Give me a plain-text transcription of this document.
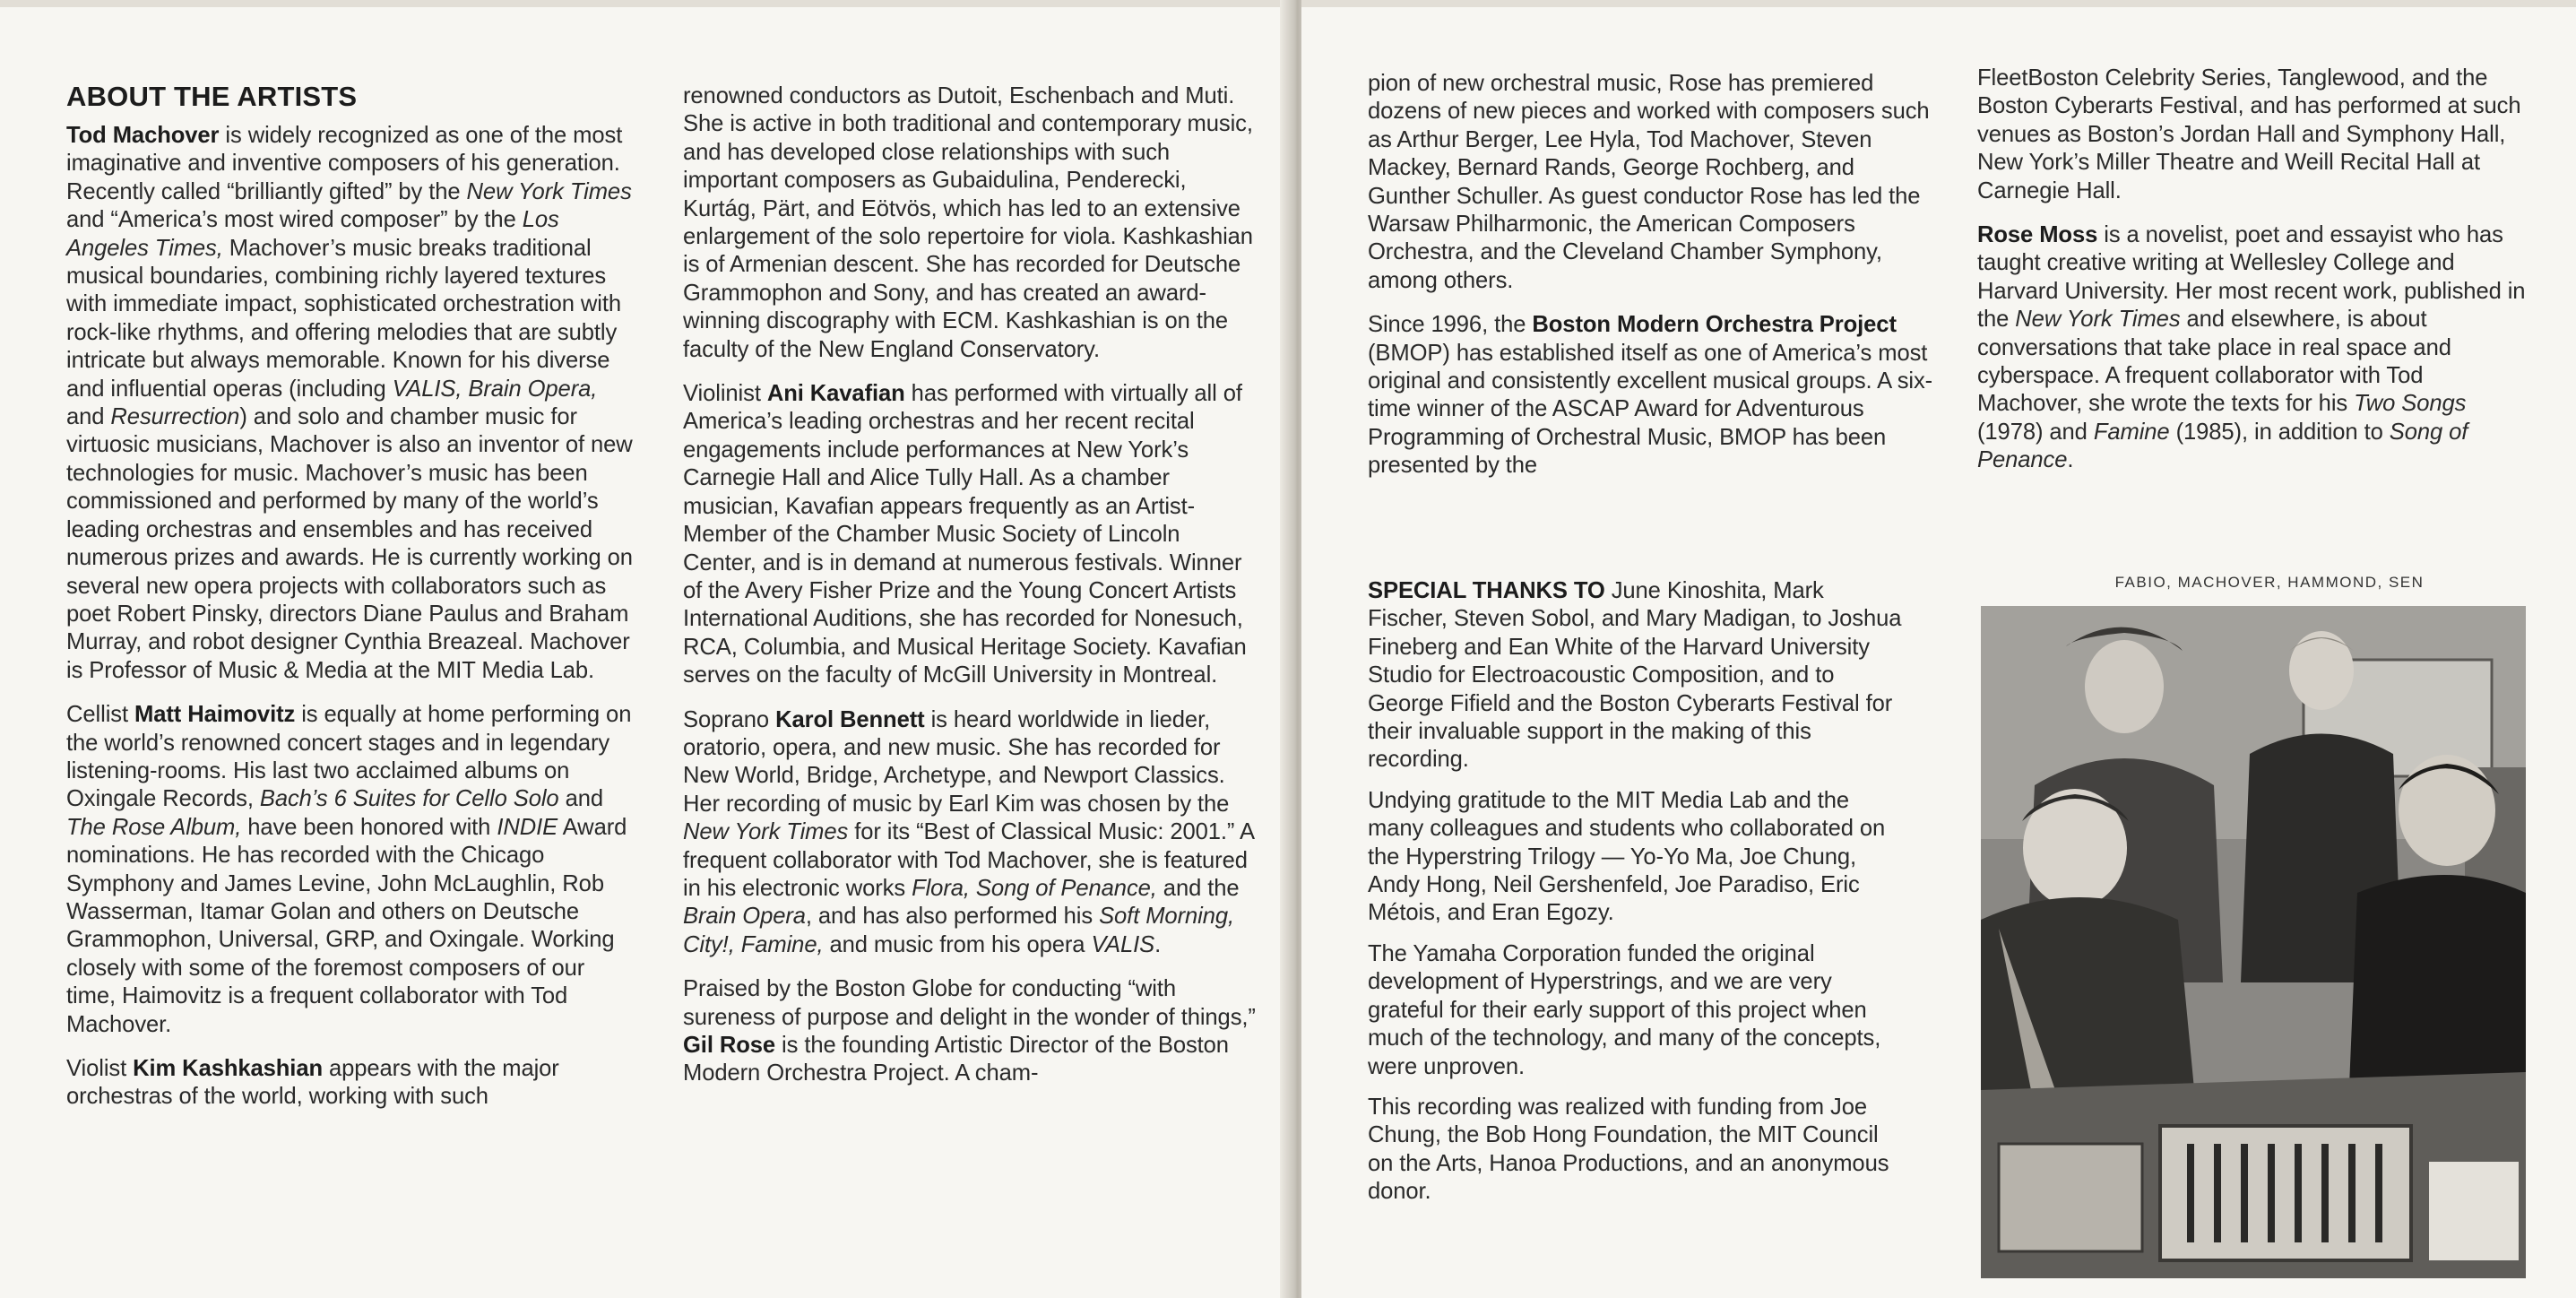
ABOUT THE ARTISTS

Tod Machover is widely recognized as one of the most imaginative and inventive composers of his generation. Recently called “brilliantly gifted” by the New York Times and “America’s most wired composer” by the Los Angeles Times, Machover’s music breaks traditional musical boundaries, combining richly layered textures with immediate impact, sophisticated orchestration with rock-like rhythms, and offering melodies that are subtly intricate but always memorable. Known for his diverse and influential operas (including VALIS, Brain Opera, and Resurrection) and solo and chamber music for virtuosic musicians, Machover is also an inventor of new technologies for music. Machover’s music has been commissioned and performed by many of the world’s leading orchestras and ensembles and has received numerous prizes and awards. He is currently working on several new opera projects with collaborators such as poet Robert Pinsky, directors Diane Paulus and Braham Murray, and robot designer Cynthia Breazeal. Machover is Professor of Music & Media at the MIT Media Lab.

Cellist Matt Haimovitz is equally at home performing on the world’s renowned concert stages and in legendary listening-rooms. His last two acclaimed albums on Oxingale Records, Bach’s 6 Suites for Cello Solo and The Rose Album, have been honored with INDIE Award nominations. He has recorded with the Chicago Symphony and James Levine, John McLaughlin, Rob Wasserman, Itamar Golan and others on Deutsche Grammophon, Universal, GRP, and Oxingale. Working closely with some of the foremost composers of our time, Haimovitz is a frequent collaborator with Tod Machover.

Violist Kim Kashkashian appears with the major orchestras of the world, working with such

renowned conductors as Dutoit, Eschenbach and Muti. She is active in both traditional and contemporary music, and has developed close relationships with such important composers as Gubaidulina, Penderecki, Kurtág, Pärt, and Eötvös, which has led to an extensive enlargement of the solo repertoire for viola. Kashkashian is of Armenian descent. She has recorded for Deutsche Grammophon and Sony, and has created an award-winning discography with ECM. Kashkashian is on the faculty of the New England Conservatory.

Violinist Ani Kavafian has performed with virtually all of America’s leading orchestras and her recent recital engagements include performances at New York’s Carnegie Hall and Alice Tully Hall. As a chamber musician, Kavafian appears frequently as an Artist-Member of the Chamber Music Society of Lincoln Center, and is in demand at numerous festivals. Winner of the Avery Fisher Prize and the Young Concert Artists International Auditions, she has recorded for Nonesuch, RCA, Columbia, and Musical Heritage Society. Kavafian serves on the faculty of McGill University in Montreal.

Soprano Karol Bennett is heard worldwide in lieder, oratorio, opera, and new music. She has recorded for New World, Bridge, Archetype, and Newport Classics. Her recording of music by Earl Kim was chosen by the New York Times for its “Best of Classical Music: 2001.” A frequent collaborator with Tod Machover, she is featured in his electronic works Flora, Song of Penance, and the Brain Opera, and has also performed his Soft Morning, City!, Famine, and music from his opera VALIS.

Praised by the Boston Globe for conducting “with sureness of purpose and delight in the wonder of things,” Gil Rose is the founding Artistic Director of the Boston Modern Orchestra Project. A cham-

pion of new orchestral music, Rose has premiered dozens of new pieces and worked with composers such as Arthur Berger, Lee Hyla, Tod Machover, Steven Mackey, Bernard Rands, George Rochberg, and Gunther Schuller. As guest conductor Rose has led the Warsaw Philharmonic, the American Composers Orchestra, and the Cleveland Chamber Symphony, among others.

Since 1996, the Boston Modern Orchestra Project (BMOP) has established itself as one of America’s most original and consistently excellent musical groups. A six-time winner of the ASCAP Award for Adventurous Programming of Orchestral Music, BMOP has been presented by the

FleetBoston Celebrity Series, Tanglewood, and the Boston Cyberarts Festival, and has performed at such venues as Boston’s Jordan Hall and Symphony Hall, New York’s Miller Theatre and Weill Recital Hall at Carnegie Hall.

Rose Moss is a novelist, poet and essayist who has taught creative writing at Wellesley College and Harvard University. Her most recent work, published in the New York Times and elsewhere, is about conversations that take place in real space and cyberspace. A frequent collaborator with Tod Machover, she wrote the texts for his Two Songs (1978) and Famine (1985), in addition to Song of Penance.

SPECIAL THANKS TO June Kinoshita, Mark Fischer, Steven Sobol, and Mary Madigan, to Joshua Fineberg and Ean White of the Harvard University Studio for Electroacoustic Composition, and to George Fifield and the Boston Cyberarts Festival for their invaluable support in the making of this recording.

Undying gratitude to the MIT Media Lab and the many colleagues and students who collaborated on the Hyperstring Trilogy — Yo-Yo Ma, Joe Chung, Andy Hong, Neil Gershenfeld, Joe Paradiso, Eric Métois, and Eran Egozy.

The Yamaha Corporation funded the original development of Hyperstrings, and we are very grateful for their early support of this project when much of the technology, and many of the concepts, were unproven.

This recording was realized with funding from Joe Chung, the Bob Hong Foundation, the MIT Council on the Arts, Hanoa Productions, and an anonymous donor.

FABIO, MACHOVER, HAMMOND, SEN
